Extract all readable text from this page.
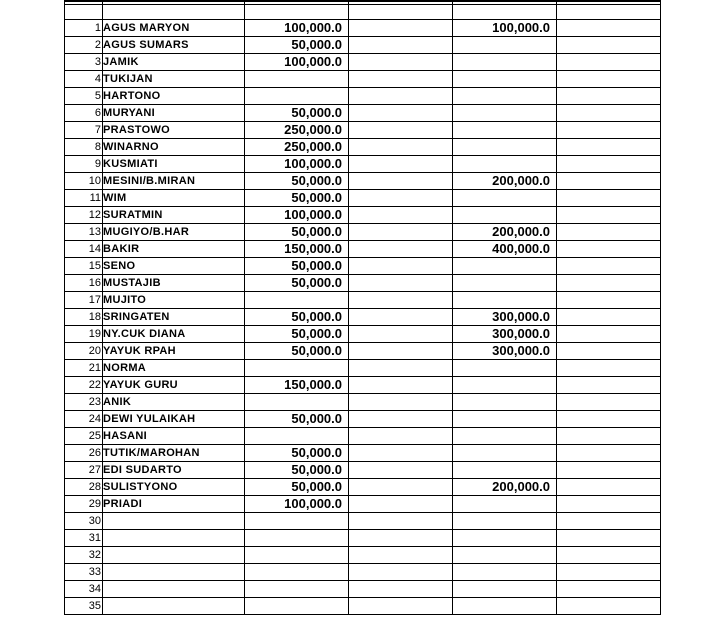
1	AGUS MARYON	100,000.0		100,000.0	
2	AGUS SUMARS	50,000.0			
3	JAMIK	100,000.0			
4	TUKIJAN				
5	HARTONO				
6	MURYANI	50,000.0			
7	PRASTOWO	250,000.0			
8	WINARNO	250,000.0			
9	KUSMIATI	100,000.0			
10	MESINI/B.MIRAN	50,000.0		200,000.0	
11	WIM	50,000.0			
12	SURATMIN	100,000.0			
13	MUGIYO/B.HAR	50,000.0		200,000.0	
14	BAKIR	150,000.0		400,000.0	
15	SENO	50,000.0			
16	MUSTAJIB	50,000.0			
17	MUJITO				
18	SRINGATEN	50,000.0		300,000.0	
19	NY.CUK DIANA	50,000.0		300,000.0	
20	YAYUK RPAH	50,000.0		300,000.0	
21	NORMA				
22	YAYUK GURU	150,000.0			
23	ANIK				
24	DEWI YULAIKAH	50,000.0			
25	HASANI				
26	TUTIK/MAROHAN	50,000.0			
27	EDI SUDARTO	50,000.0			
28	SULISTYONO	50,000.0		200,000.0	
29	PRIADI	100,000.0			
30					
31					
32					
33					
34					
35					
